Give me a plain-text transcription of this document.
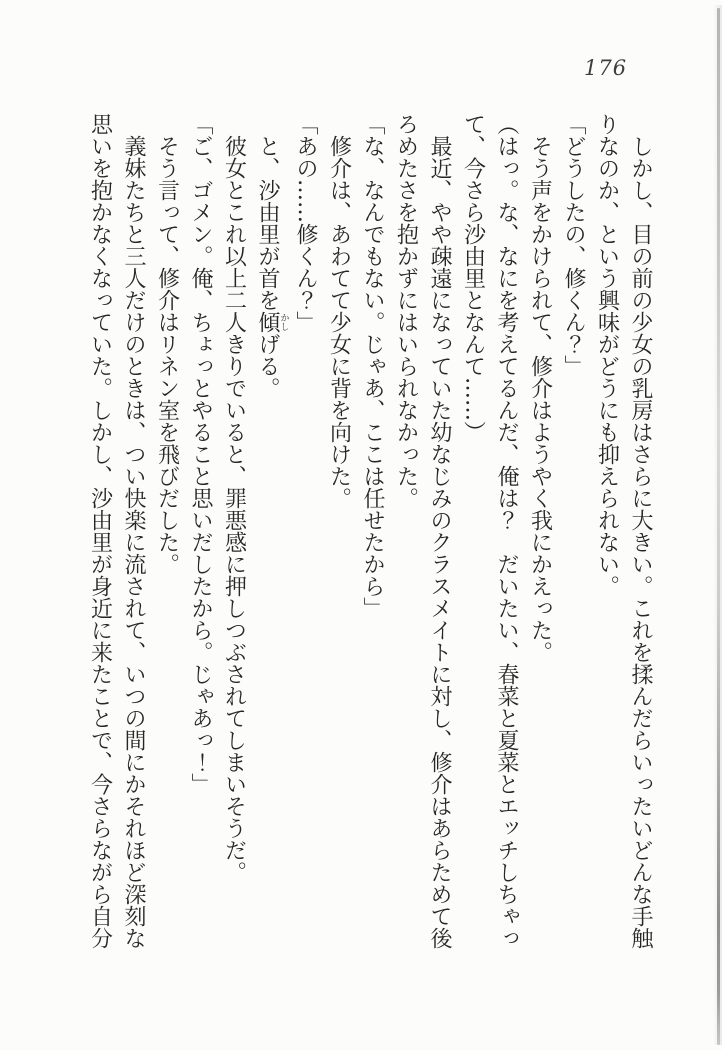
176
　しかし、目の前の少女の乳房はさらに大きい。これを揉んだらいったいどんな手触
りなのか、という興味がどうにも抑えられない。
「どうしたの、修くん？」
　そう声をかけられて、修介はようやく我にかえった。
（はっ。な、なにを考えてるんだ、俺は？　だいたい、春菜と夏菜とエッチしちゃっ
て、今さら沙由里となんて……）
　最近、やや疎遠になっていた幼なじみのクラスメイトに対し、修介はあらためて後
ろめたさを抱かずにはいられなかった。
「な、なんでもない。じゃあ、ここは任せたから」
　修介は、あわてて少女に背を向けた。
「あの……修くん？」
　と、沙由里が首を傾かしげる。
　彼女とこれ以上二人きりでいると、罪悪感に押しつぶされてしまいそうだ。
「ご、ゴメン。俺、ちょっとやること思いだしたから。じゃあっ！」
　そう言って、修介はリネン室を飛びだした。
　義妹たちと三人だけのときは、つい快楽に流されて、いつの間にかそれほど深刻な
思いを抱かなくなっていた。しかし、沙由里が身近に来たことで、今さらながら自分
